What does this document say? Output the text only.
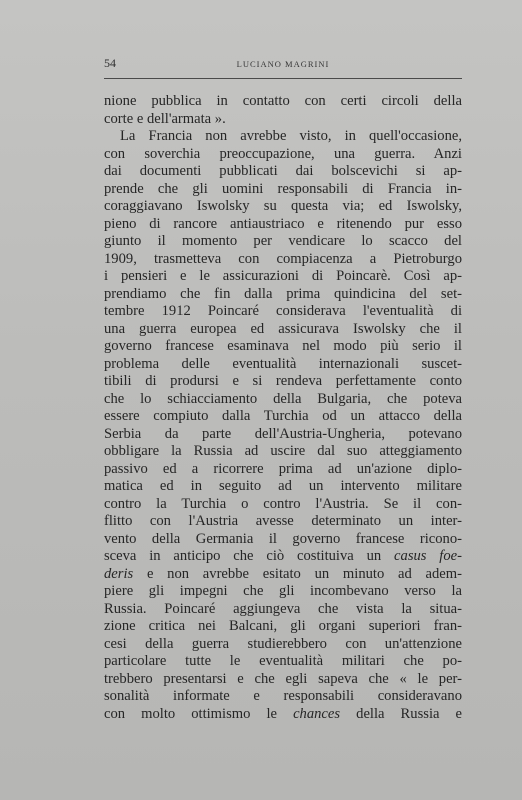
54	LUCIANO MAGRINI
nione pubblica in contatto con certi circoli della
corte e dell'armata ».
La Francia non avrebbe visto, in quell'occasione,
con soverchia preoccupazione, una guerra. Anzi
dai documenti pubblicati dai bolscevichi si ap-
prende che gli uomini responsabili di Francia in-
coraggiavano Iswolsky su questa via; ed Iswolsky,
pieno di rancore antiaustriaco e ritenendo pur esso
giunto il momento per vendicare lo scacco del
1909, trasmetteva con compiacenza a Pietroburgo
i pensieri e le assicurazioni di Poincarè. Così ap-
prendiamo che fin dalla prima quindicina del set-
tembre 1912 Poincaré considerava l'eventualità di
una guerra europea ed assicurava Iswolsky che il
governo francese esaminava nel modo più serio il
problema delle eventualità internazionali suscet-
tibili di prodursi e si rendeva perfettamente conto
che lo schiacciamento della Bulgaria, che poteva
essere compiuto dalla Turchia od un attacco della
Serbia da parte dell'Austria-Ungheria, potevano
obbligare la Russia ad uscire dal suo atteggiamento
passivo ed a ricorrere prima ad un'azione diplo-
matica ed in seguito ad un intervento militare
contro la Turchia o contro l'Austria. Se il con-
flitto con l'Austria avesse determinato un inter-
vento della Germania il governo francese ricono-
sceva in anticipo che ciò costituiva un casus foe-
deris e non avrebbe esitato un minuto ad adem-
piere gli impegni che gli incombevano verso la
Russia. Poincaré aggiungeva che vista la situa-
zione critica nei Balcani, gli organi superiori fran-
cesi della guerra studierebbero con un'attenzione
particolare tutte le eventualità militari che po-
trebbero presentarsi e che egli sapeva che « le per-
sonalità informate e responsabili consideravano
con molto ottimismo le chances della Russia e
